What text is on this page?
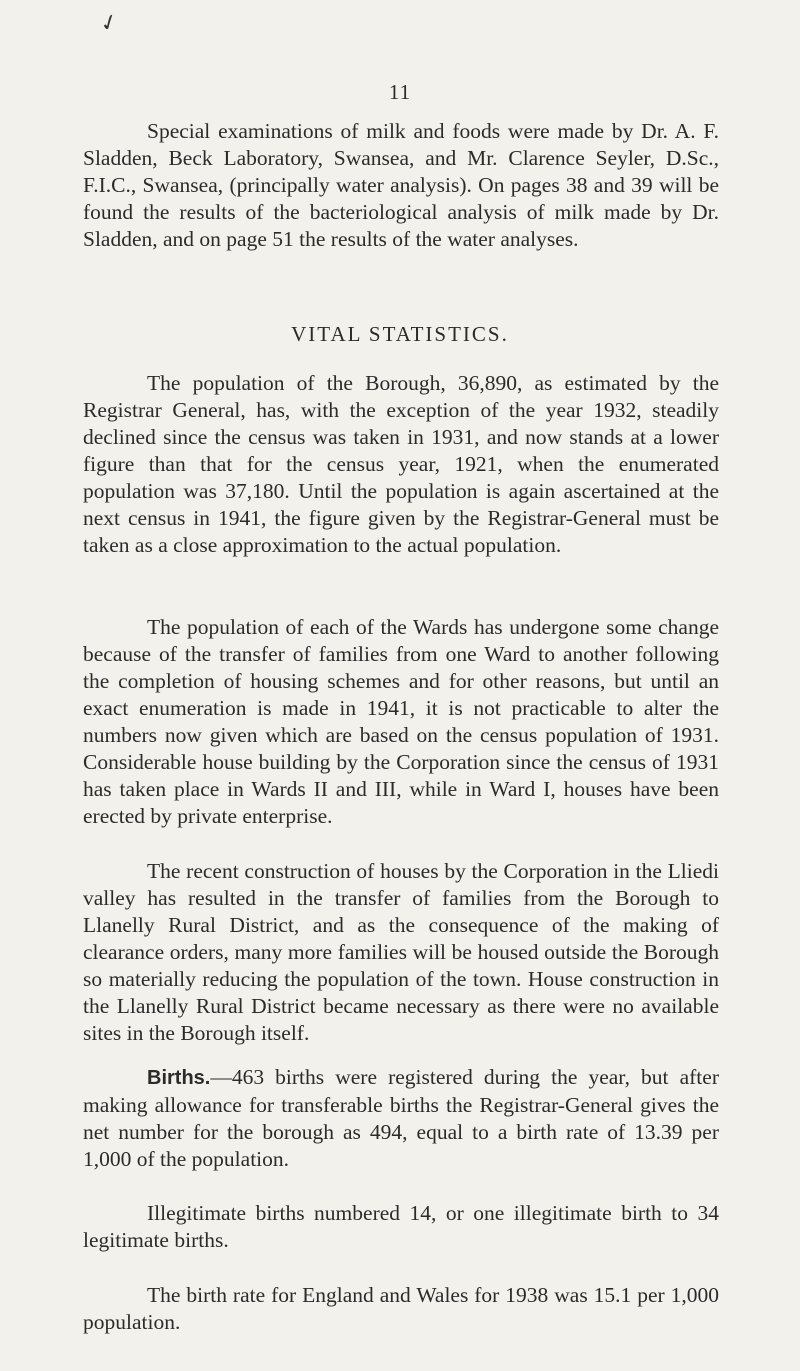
✓
11
Special examinations of milk and foods were made by Dr. A. F. Sladden, Beck Laboratory, Swansea, and Mr. Clarence Seyler, D.Sc., F.I.C., Swansea, (principally water analysis). On pages 38 and 39 will be found the results of the bacteriological analysis of milk made by Dr. Sladden, and on page 51 the results of the water analyses.
VITAL STATISTICS.
The population of the Borough, 36,890, as estimated by the Registrar General, has, with the exception of the year 1932, steadily declined since the census was taken in 1931, and now stands at a lower figure than that for the census year, 1921, when the enumerated population was 37,180. Until the population is again ascertained at the next census in 1941, the figure given by the Registrar-General must be taken as a close approximation to the actual population.
The population of each of the Wards has undergone some change because of the transfer of families from one Ward to another following the completion of housing schemes and for other reasons, but until an exact enumeration is made in 1941, it is not practicable to alter the numbers now given which are based on the census population of 1931. Considerable house building by the Corporation since the census of 1931 has taken place in Wards II and III, while in Ward I, houses have been erected by private enterprise.
The recent construction of houses by the Corporation in the Lliedi valley has resulted in the transfer of families from the Borough to Llanelly Rural District, and as the consequence of the making of clearance orders, many more families will be housed outside the Borough so materially reducing the population of the town. House construction in the Llanelly Rural District became necessary as there were no available sites in the Borough itself.
Births.—463 births were registered during the year, but after making allowance for transferable births the Registrar-General gives the net number for the borough as 494, equal to a birth rate of 13.39 per 1,000 of the population.
Illegitimate births numbered 14, or one illegitimate birth to 34 legitimate births.
The birth rate for England and Wales for 1938 was 15.1 per 1,000 population.
